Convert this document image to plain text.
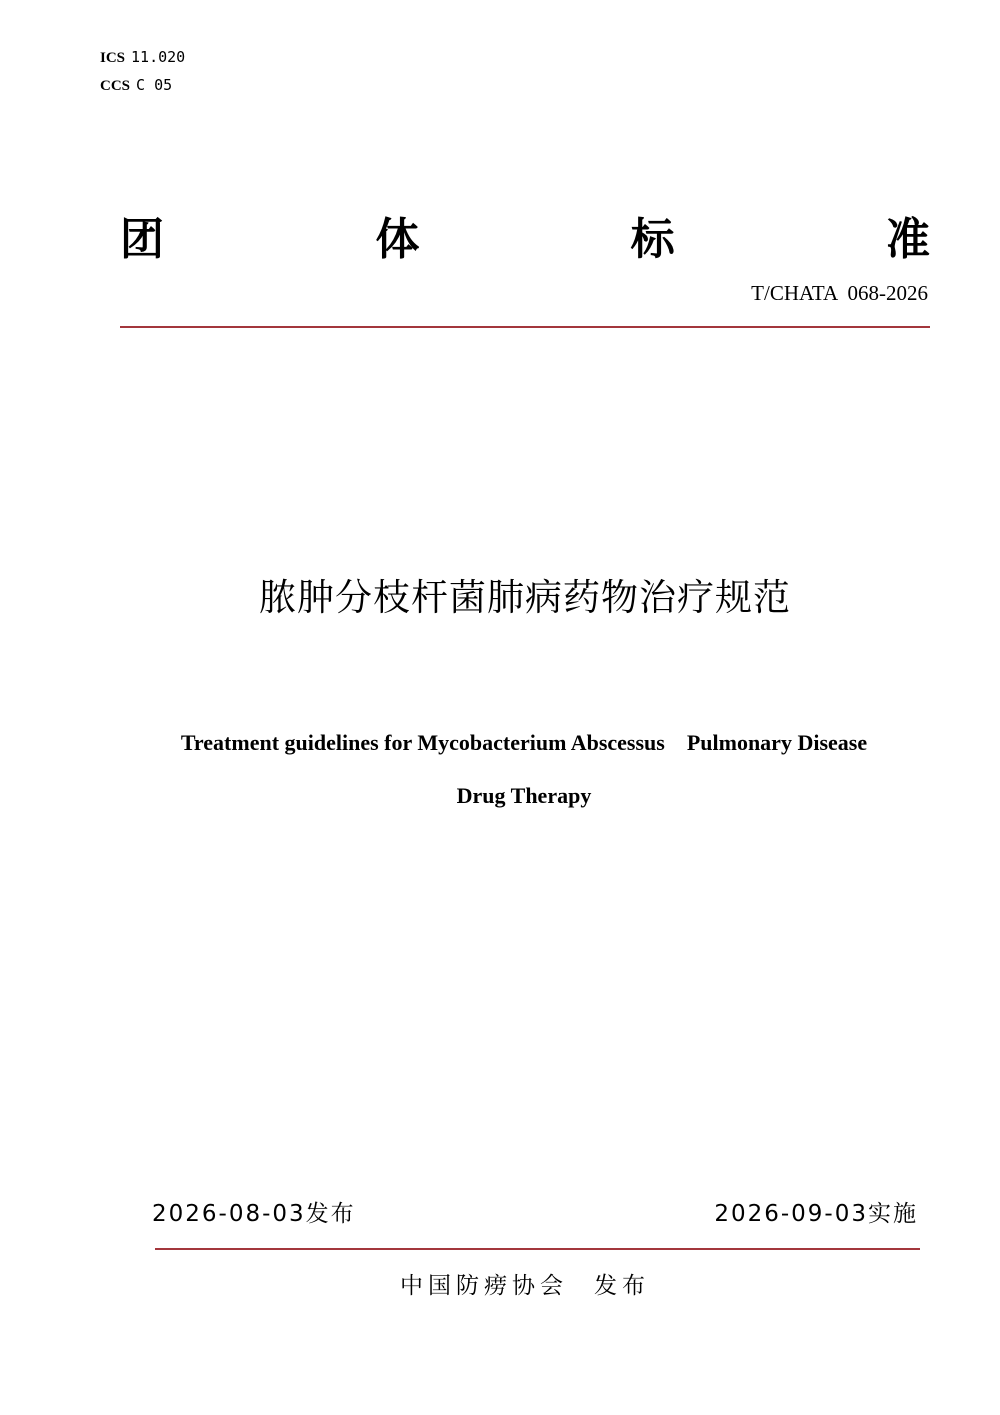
ICS 11.020
CCS C 05
团	体	标	准
T/CHATA  068-2026
脓肿分枝杆菌肺病药物治疗规范
Treatment guidelines for Mycobacterium Abscessus    Pulmonary Disease
Drug Therapy
2026-08-03发布	2026-09-03实施
中国防痨协会 发布
